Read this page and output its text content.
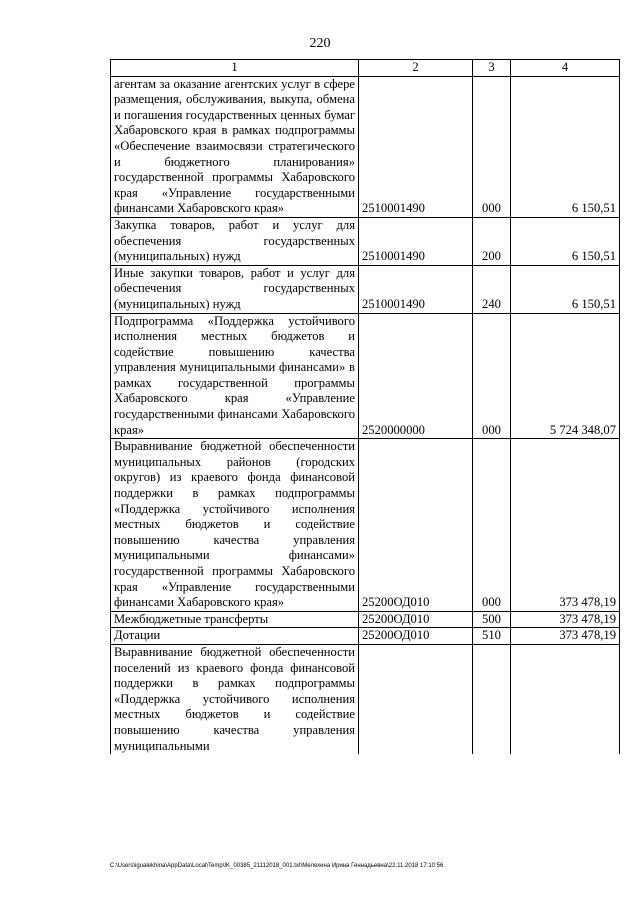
220
1	2	3	4
агентам за оказание агентских услуг в сфере размещения, обслуживания, выкупа, обмена и погашения государственных ценных бумаг Хабаровского края в рамках подпрограммы «Обеспечение взаимосвязи стратегического и бюджетного планирования» государственной программы Хабаровского края «Управление государственными финансами Хабаровского края»	2510001490	000	6 150,51
Закупка товаров, работ и услуг для обеспечения государственных (муниципальных) нужд	2510001490	200	6 150,51
Иные закупки товаров, работ и услуг для обеспечения государственных (муниципальных) нужд	2510001490	240	6 150,51
Подпрограмма «Поддержка устойчивого исполнения местных бюджетов и содействие повышению качества управления муниципальными финансами» в рамках государственной программы Хабаровского края «Управление государственными финансами Хабаровского края»	2520000000	000	5 724 348,07
Выравнивание бюджетной обеспеченности муниципальных районов (городских округов) из краевого фонда финансовой поддержки в рамках подпрограммы «Поддержка устойчивого исполнения местных бюджетов и содействие повышению качества управления муниципальными финансами» государственной программы Хабаровского края «Управление государственными финансами Хабаровского края»	25200ОД010	000	373 478,19
Межбюджетные трансферты	25200ОД010	500	373 478,19
Дотации	25200ОД010	510	373 478,19
Выравнивание бюджетной обеспеченности поселений из краевого фонда финансовой поддержки в рамках подпрограммы «Поддержка устойчивого исполнения местных бюджетов и содействие повышению качества управления муниципальными			
C:\Users\igualekhina\AppData\Local\Temp\IK_00385_21112018_001.txt\Мелехина Ирина Геннадьевна\22.11.2018 17:10:56
